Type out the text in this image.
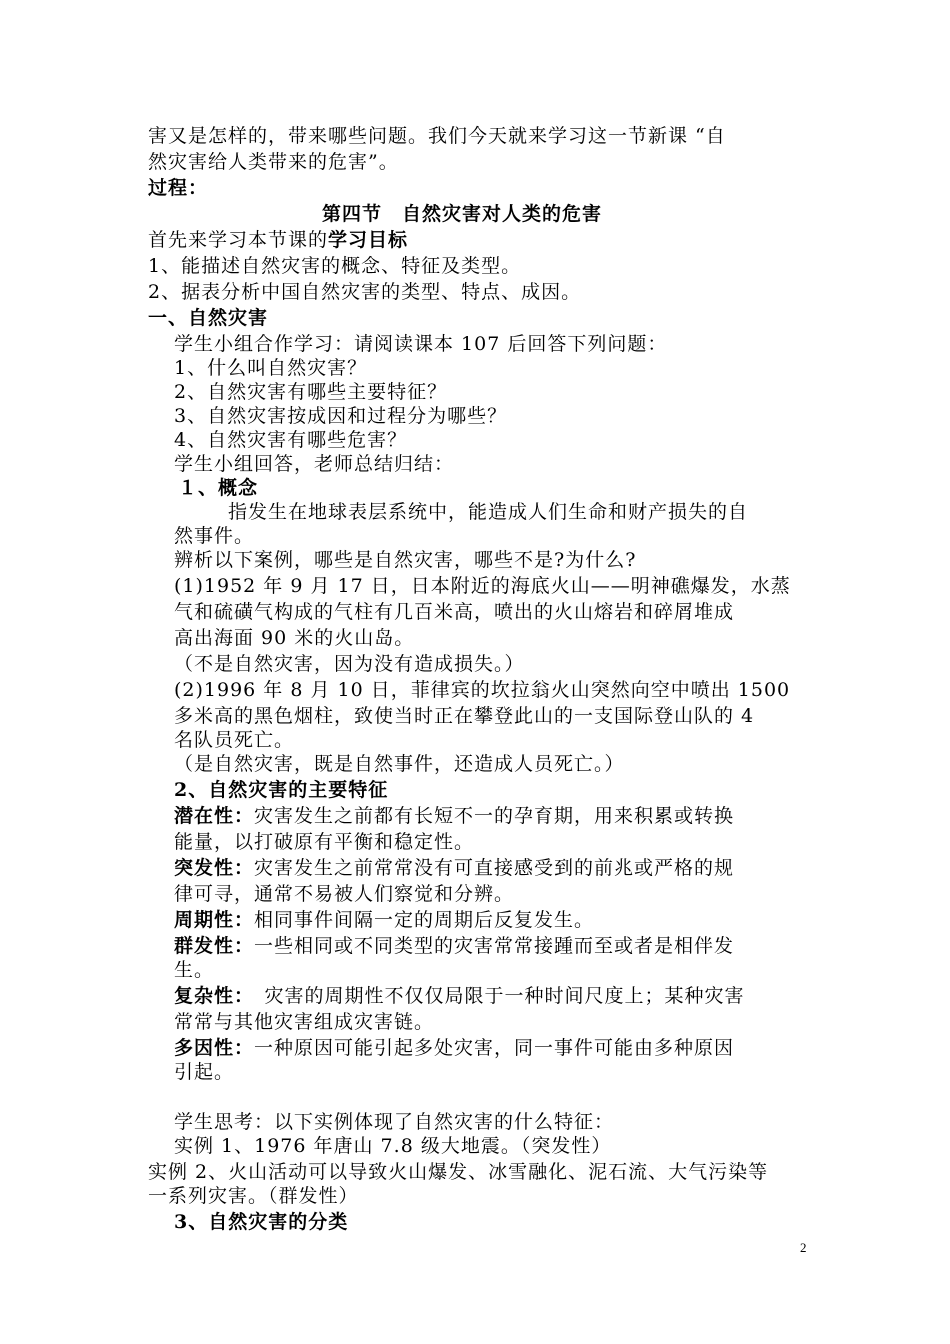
害又是怎样的，带来哪些问题。我们今天就来学习这一节新课 “自
然灾害给人类带来的危害”。
过程：
第四节　自然灾害对人类的危害
首先来学习本节课的学习目标
1、能描述自然灾害的概念、特征及类型。
2、据表分析中国自然灾害的类型、特点、成因。
一、自然灾害
学生小组合作学习：请阅读课本 107 后回答下列问题：
1、什么叫自然灾害？
2、自然灾害有哪些主要特征？
3、自然灾害按成因和过程分为哪些？
4、自然灾害有哪些危害？
学生小组回答，老师总结归结：
１、概念
指发生在地球表层系统中，能造成人们生命和财产损失的自
然事件。
辨析以下案例，哪些是自然灾害，哪些不是?为什么?
(1)1952 年 9 月 17 日，日本附近的海底火山——明神礁爆发，水蒸
气和硫磺气构成的气柱有几百米高，喷出的火山熔岩和碎屑堆成
高出海面 90 米的火山岛。
（不是自然灾害，因为没有造成损失。）
(2)1996 年 8 月 10 日，菲律宾的坎拉翁火山突然向空中喷出 1500
多米高的黑色烟柱，致使当时正在攀登此山的一支国际登山队的 4
名队员死亡。
（是自然灾害，既是自然事件，还造成人员死亡。）
2、自然灾害的主要特征
潜在性：灾害发生之前都有长短不一的孕育期，用来积累或转换
能量，以打破原有平衡和稳定性。
突发性：灾害发生之前常常没有可直接感受到的前兆或严格的规
律可寻，通常不易被人们察觉和分辨。
周期性：相同事件间隔一定的周期后反复发生。
群发性：一些相同或不同类型的灾害常常接踵而至或者是相伴发
生。
复杂性：　灾害的周期性不仅仅局限于一种时间尺度上；某种灾害
常常与其他灾害组成灾害链。
多因性：一种原因可能引起多处灾害，同一事件可能由多种原因
引起。
学生思考：以下实例体现了自然灾害的什么特征：
实例 1、1976 年唐山 7.8 级大地震。（突发性）
实例 2、火山活动可以导致火山爆发、冰雪融化、泥石流、大气污染等
一系列灾害。（群发性）
3、自然灾害的分类
2
